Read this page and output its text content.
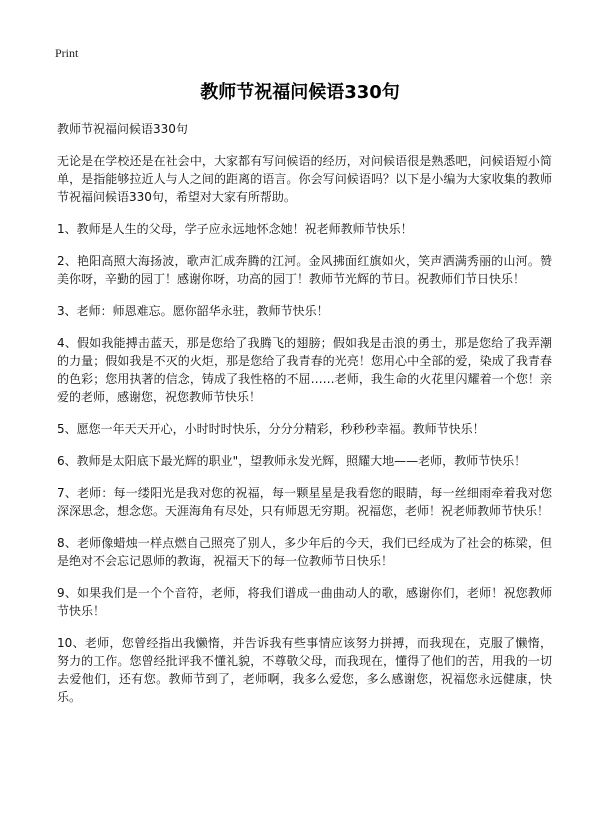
Print
教师节祝福问候语330句

教师节祝福问候语330句

无论是在学校还是在社会中，大家都有写问候语的经历，对问候语很是熟悉吧，问候语短小简单，是指能够拉近人与人之间的距离的语言。你会写问候语吗？以下是小编为大家收集的教师节祝福问候语330句，希望对大家有所帮助。

1、教师是人生的父母，学子应永远地怀念她！祝老师教师节快乐！

2、艳阳高照大海扬波，歌声汇成奔腾的江河。金风拂面红旗如火，笑声洒满秀丽的山河。赞美你呀，辛勤的园丁！感谢你呀，功高的园丁！教师节光辉的节日。祝教师们节日快乐！

3、老师：师恩难忘。愿你韶华永驻，教师节快乐！

4、假如我能搏击蓝天，那是您给了我腾飞的翅膀；假如我是击浪的勇士，那是您给了我弄潮的力量；假如我是不灭的火炬，那是您给了我青春的光亮！您用心中全部的爱，染成了我青春的色彩；您用执著的信念，铸成了我性格的不屈……老师，我生命的火花里闪耀着一个您！亲爱的老师，感谢您，祝您教师节快乐！

5、愿您一年天天开心，小时时时快乐，分分分精彩，秒秒秒幸福。教师节快乐！

6、教师是太阳底下最光辉的职业"，望教师永发光辉，照耀大地——老师，教师节快乐！

7、老师：每一缕阳光是我对您的祝福，每一颗星星是我看您的眼睛，每一丝细雨牵着我对您深深思念，想念您。天涯海角有尽处，只有师恩无穷期。祝福您，老师！祝老师教师节快乐！

8、老师像蜡烛一样点燃自己照亮了别人，多少年后的今天，我们已经成为了社会的栋梁，但是绝对不会忘记恩师的教诲，祝福天下的每一位教师节日快乐！

9、如果我们是一个个音符，老师，将我们谱成一曲曲动人的歌，感谢你们，老师！祝您教师节快乐！

10、老师，您曾经指出我懒惰，并告诉我有些事情应该努力拼搏，而我现在，克服了懒惰，努力的工作。您曾经批评我不懂礼貌，不尊敬父母，而我现在，懂得了他们的苦，用我的一切去爱他们，还有您。教师节到了，老师啊，我多么爱您，多么感谢您，祝福您永远健康，快乐。
